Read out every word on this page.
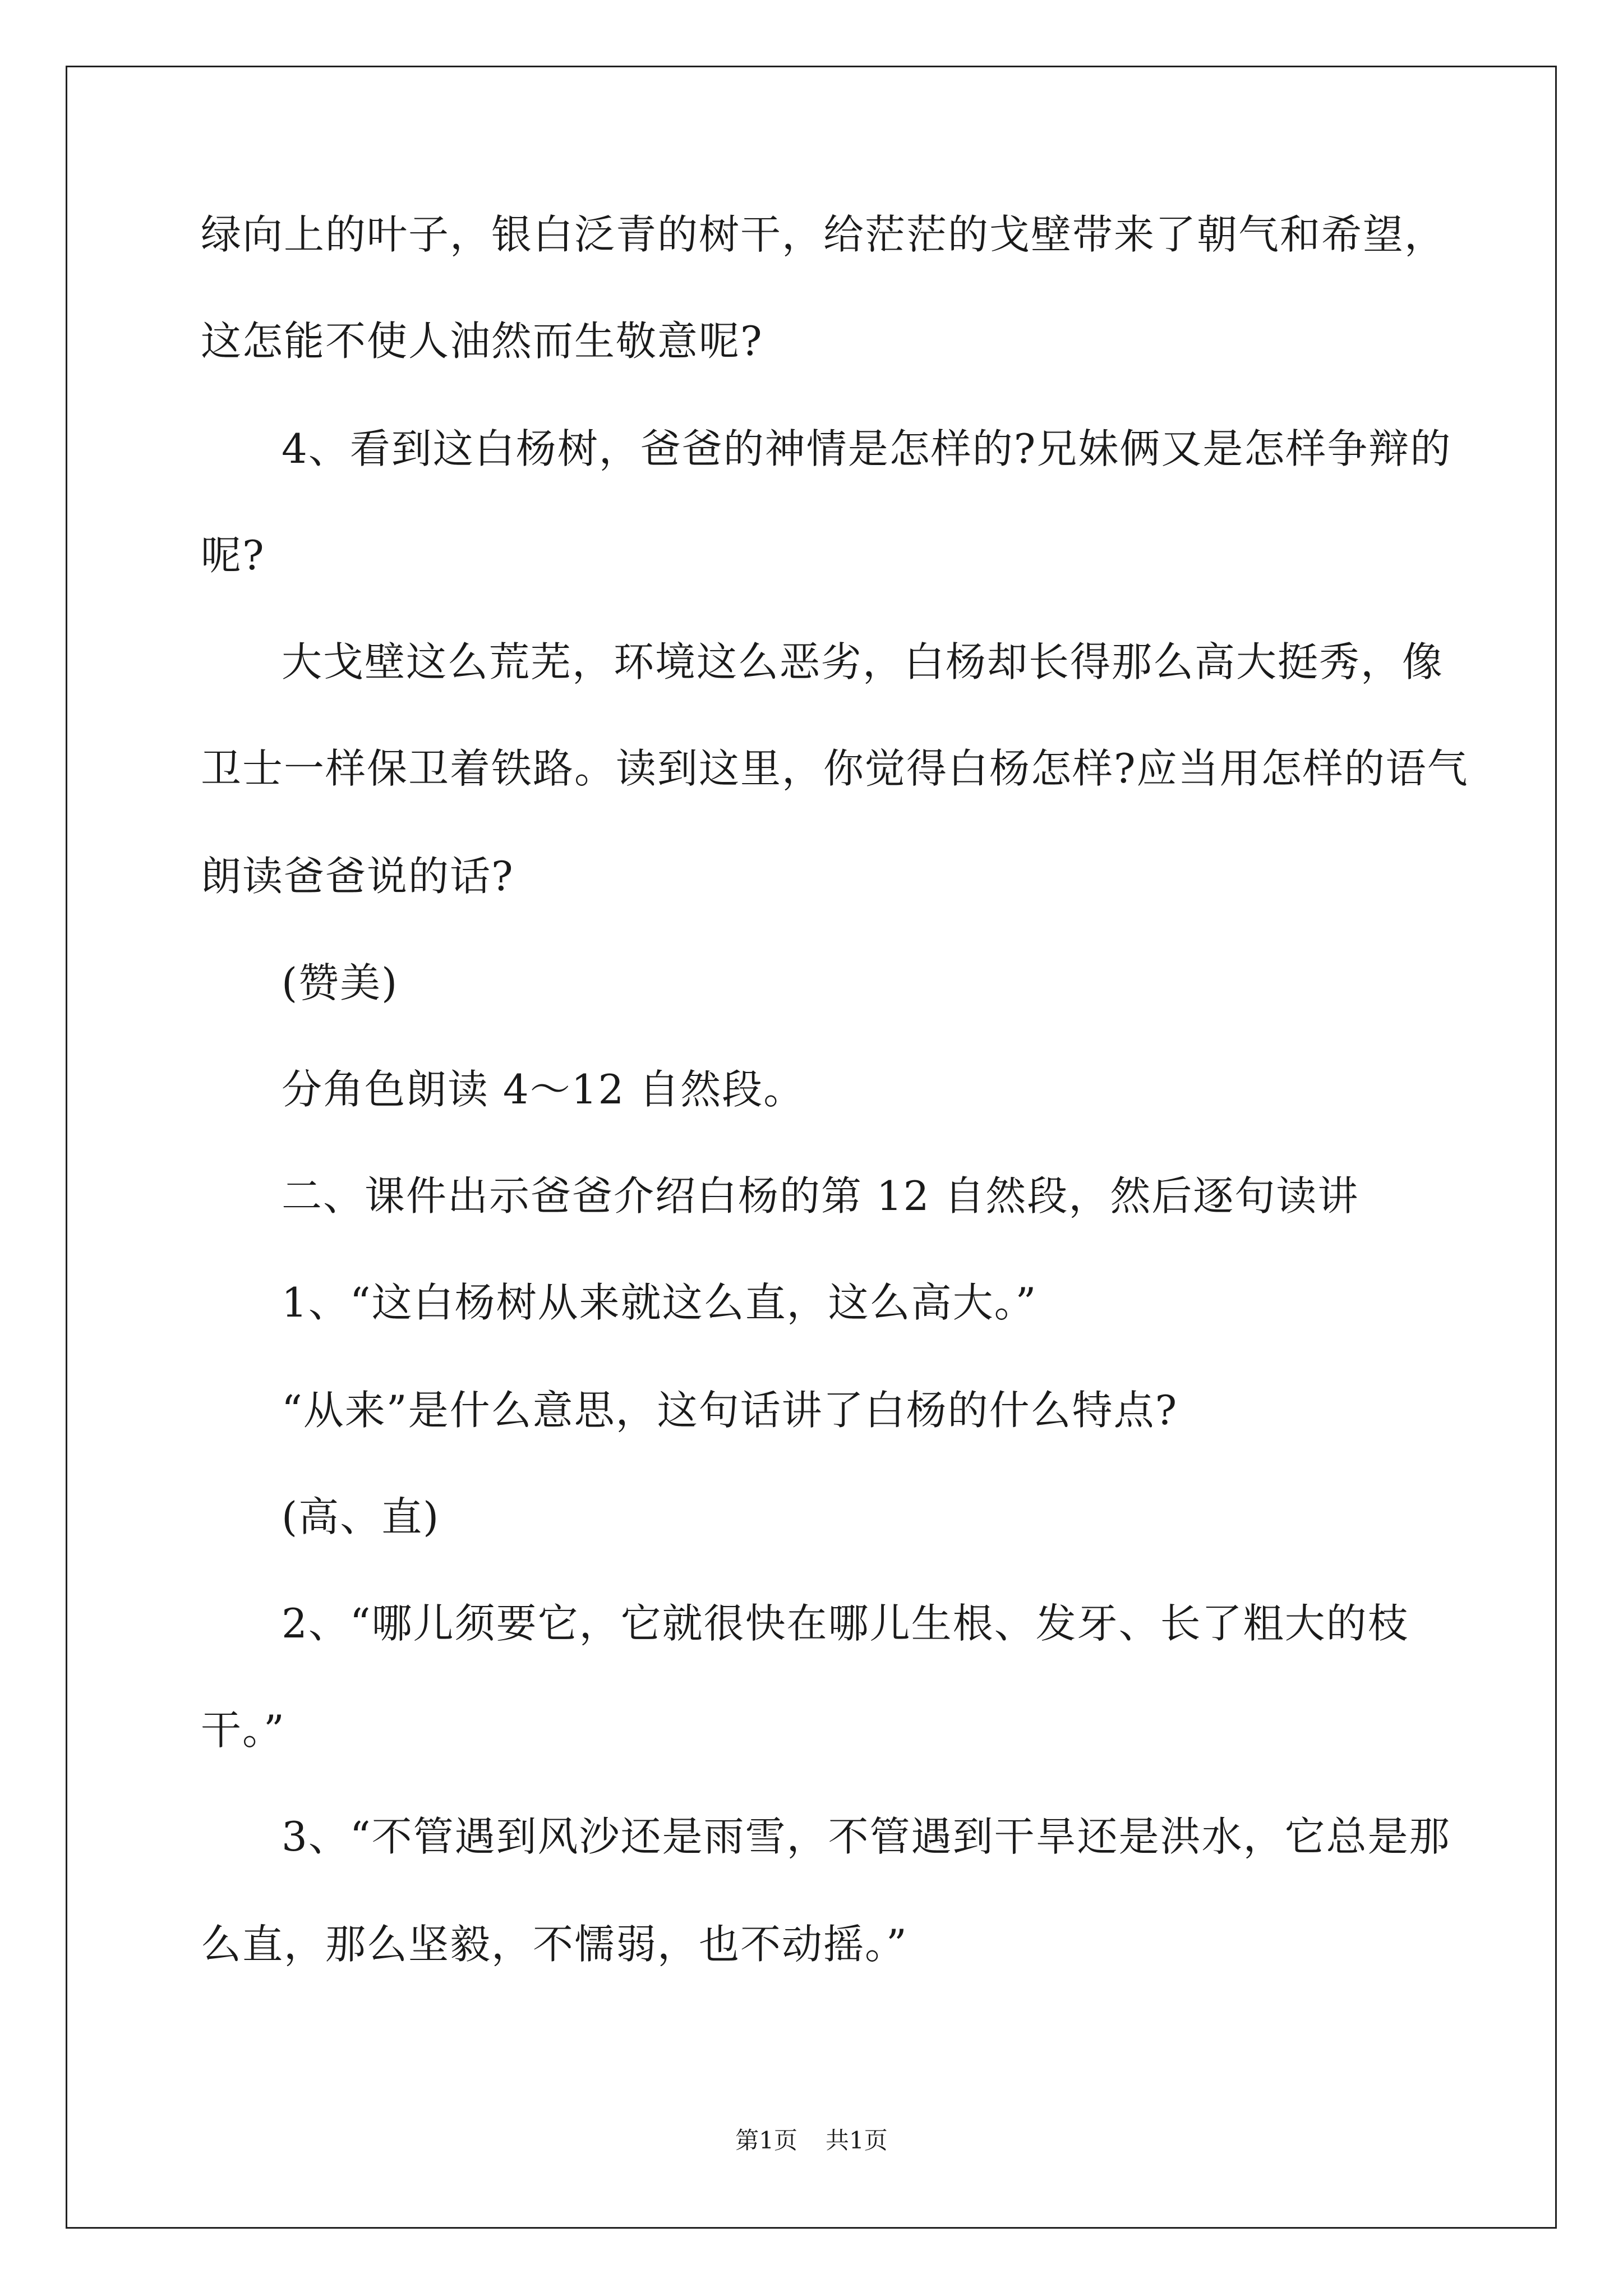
绿向上的叶子，银白泛青的树干，给茫茫的戈壁带来了朝气和希望，
这怎能不使人油然而生敬意呢?
4、看到这白杨树，爸爸的神情是怎样的?兄妹俩又是怎样争辩的
呢?
大戈壁这么荒芜，环境这么恶劣，白杨却长得那么高大挺秀，像
卫士一样保卫着铁路。读到这里，你觉得白杨怎样?应当用怎样的语气
朗读爸爸说的话?
(赞美)
分角色朗读 4～12 自然段。
二、课件出示爸爸介绍白杨的第 12 自然段，然后逐句读讲
1、“这白杨树从来就这么直，这么高大。”
“从来”是什么意思，这句话讲了白杨的什么特点?
(高、直)
2、“哪儿须要它，它就很快在哪儿生根、发牙、长了粗大的枝
干。”
3、“不管遇到风沙还是雨雪，不管遇到干旱还是洪水，它总是那
么直，那么坚毅，不懦弱，也不动摇。”
第1页 共1页
